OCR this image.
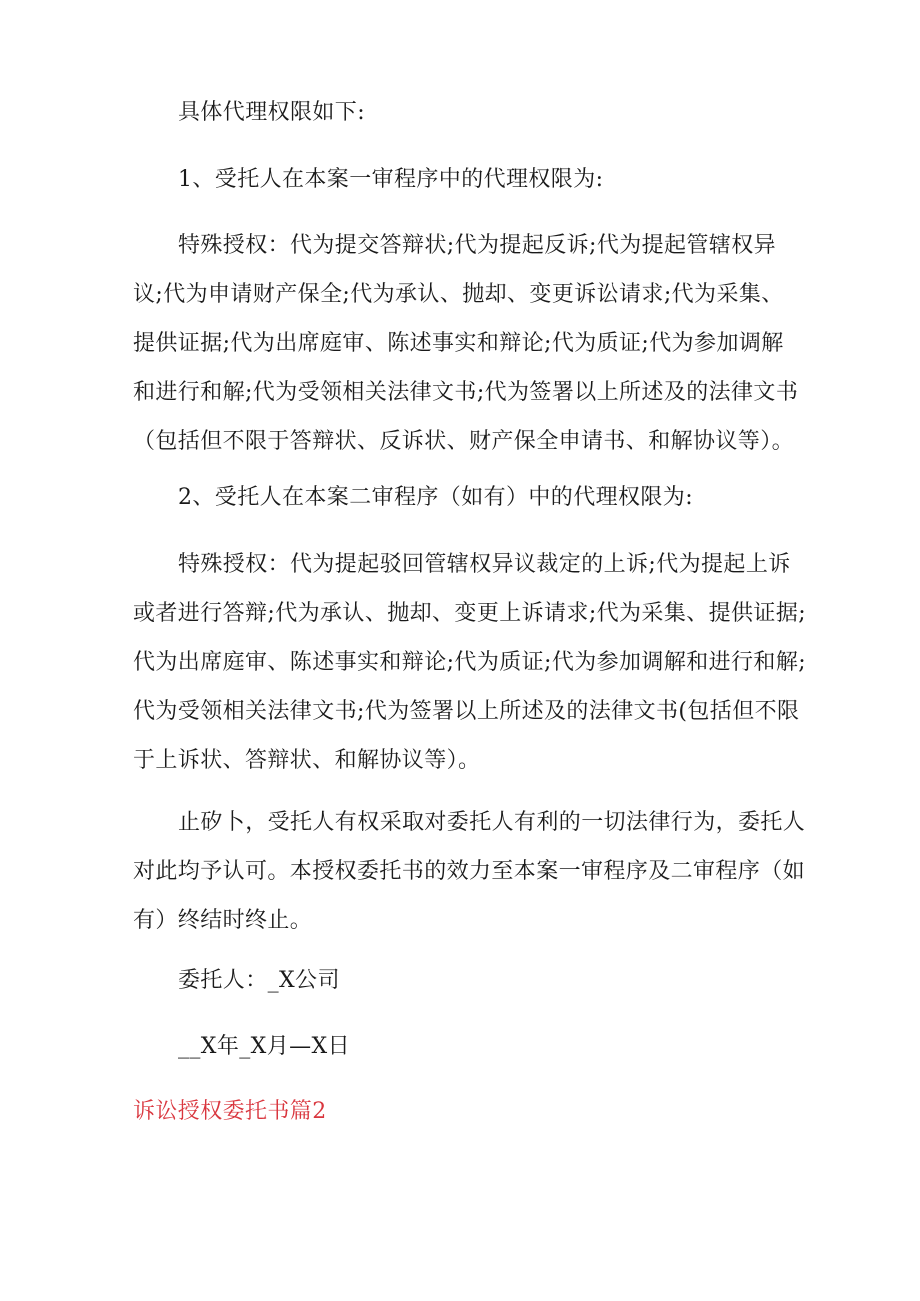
具体代理权限如下:
1、受托人在本案一审程序中的代理权限为:
特殊授权：代为提交答辩状;代为提起反诉;代为提起管辖权异
议;代为申请财产保全;代为承认、抛却、变更诉讼请求;代为采集、
提供证据;代为出席庭审、陈述事实和辩论;代为质证;代为参加调解
和进行和解;代为受领相关法律文书;代为签署以上所述及的法律文书
（包括但不限于答辩状、反诉状、财产保全申请书、和解协议等）。
2、受托人在本案二审程序（如有）中的代理权限为:
特殊授权：代为提起驳回管辖权异议裁定的上诉;代为提起上诉
或者进行答辩;代为承认、抛却、变更上诉请求;代为采集、提供证据;
代为出席庭审、陈述事实和辩论;代为质证;代为参加调解和进行和解;
代为受领相关法律文书;代为签署以上所述及的法律文书(包括但不限
于上诉状、答辩状、和解协议等）。
止矽卜，受托人有权采取对委托人有利的一切法律行为，委托人
对此均予认可。本授权委托书的效力至本案一审程序及二审程序（如
有）终结时终止。
委托人：_X公司
__X年_X月—X日
诉讼授权委托书篇2
